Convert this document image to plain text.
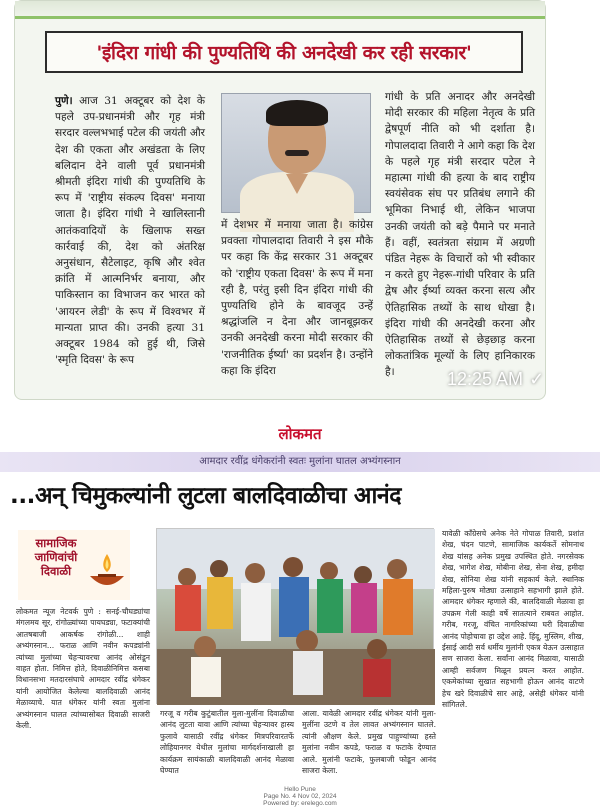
'इंदिरा गांधी की पुण्यतिथि की अनदेखी कर रही सरकार'
पुणे। आज 31 अक्टूबर को देश के पहले उप-प्रधानमंत्री और गृह मंत्री सरदार वल्लभभाई पटेल की जयंती और देश की एकता और अखंडता के लिए बलिदान देने वाली पूर्व प्रधानमंत्री श्रीमती इंदिरा गांधी की पुण्यतिथि के रूप में 'राष्ट्रीय संकल्प दिवस' मनाया जाता है। इंदिरा गांधी ने खालिस्तानी आतंकवादियों के खिलाफ सख्त कार्रवाई की, देश को अंतरिक्ष अनुसंधान, सैटेलाइट, कृषि और श्वेत क्रांति में आत्मनिर्भर बनाया, और पाकिस्तान का विभाजन कर भारत को 'आयरन लेडी' के रूप में विश्वभर में मान्यता प्राप्त की। उनकी हत्या 31 अक्टूबर 1984 को हुई थी, जिसे 'स्मृति दिवस' के रूप
में देशभर में मनाया जाता है। कांग्रेस प्रवक्ता गोपालदादा तिवारी ने इस मौके पर कहा कि केंद्र सरकार 31 अक्टूबर को 'राष्ट्रीय एकता दिवस' के रूप में मना रही है, परंतु इसी दिन इंदिरा गांधी की पुण्यतिथि होने के बावजूद उन्हें श्रद्धांजलि न देना और जानबूझकर उनकी अनदेखी करना मोदी सरकार की 'राजनीतिक ईर्ष्या' का प्रदर्शन है। उन्होंने कहा कि इंदिरा
गांधी के प्रति अनादर और अनदेखी मोदी सरकार की महिला नेतृत्व के प्रति द्वेषपूर्ण नीति को भी दर्शाता है। गोपालदादा तिवारी ने आगे कहा कि देश के पहले गृह मंत्री सरदार पटेल ने महात्मा गांधी की हत्या के बाद राष्ट्रीय स्वयंसेवक संघ पर प्रतिबंध लगाने की भूमिका निभाई थी, लेकिन भाजपा उनकी जयंती को बड़े पैमाने पर मनाते हैं। वहीं, स्वतंत्रता संग्राम में अग्रणी पंडित नेहरू के विचारों को भी स्वीकार न करते हुए नेहरू-गांधी परिवार के प्रति द्वेष और ईर्ष्या व्यक्त करना सत्य और ऐतिहासिक तथ्यों के साथ धोखा है। इंदिरा गांधी की अनदेखी करना और ऐतिहासिक तथ्यों से छेड़छाड़ करना लोकतांत्रिक मूल्यों के लिए हानिकारक है।	12:25 AM ✓
लोकमत
आमदार रवींद्र धंगेकरांनी स्वतः मुलांना घातल अभ्यंगस्नान
...अन् चिमुकल्यांनी लुटला बालदिवाळीचा आनंद
सामाजिक
जाणिवांची
दिवाळी
लोकमत न्यूज नेटवर्क पुणे : सनई-चौघड्यांचा मंगलमय सूर, रांगोळ्यांच्या पायघड्या, फटाक्यांची आतषबाजी आकर्षक रांगोळी... शाही अभ्यंगस्नान... फराळ आणि नवीन कपड्यांनी त्यांच्या मुलांच्या चेहऱ्यावरचा आनंद ओसंडून वाहत होता. निमित्त होते, दिवाळीनिमित्त कसबा विधानसभा मतदारसंघाचे आमदार रवींद्र धंगेकर यांनी आयोजित केलेल्या बालदिवाळी आनंद मेळाव्याचे. यात धंगेकर यांनी स्वतः मुलांना अभ्यंगस्नान घालत त्यांच्यासोबत दिवाळी साजरी केली.
गरजू व गरीब कुटुंबातील मुला-मुलींना दिवाळीचा आनंद लुटता यावा आणि त्यांच्या चेहऱ्यावर हास्य फुलावे यासाठी रवींद्र धंगेकर मित्रपरिवारतर्फे लोहियानगर येथील मुलांचा मार्गदर्शनाखाली हा कार्यक्रम सायंकाळी बालदिवाळी आनंद मेळावा घेण्यात
आला. यावेळी आमदार रवींद्र धंगेकर यांनी मुला-मुलींना उटणे व तेल लावत अभ्यंगस्नान घातले. त्यांनी औक्षण केले. प्रमुख पाहुण्यांच्या हस्ते मुलांना नवीन कपडे, फराळ व फटाके देण्यात आले. मुलांनी फटाके, फुलबाजी फोडून आनंद साजरा केला.
यावेळी काँग्रेसचे अनेक नेते गोपाळ तिवारी, प्रशांत शेख, चंदन पाटणे, सामाजिक कार्यकर्ते सोमनाथ शेख यांसह अनेक प्रमुख उपस्थित होते. नगरसेवक शेख, भागेश शेख, मोबीना शेख, सेना शेख, हमीदा शेख, सोनिया शेख यांनी सहकार्य केले. स्थानिक महिला-पुरुष मोठ्या उत्साहाने सहभागी झाले होते. आमदार धंगेकर म्हणाले की, बालदिवाळी मेळावा हा उपक्रम गेली काही वर्षे सातत्याने राबवत आहोत. गरीब, गरजू, वंचित नागरिकांच्या घरी दिवाळीचा आनंद पोहोचावा हा उद्देश आहे. हिंदू, मुस्लिम, शीख, ईसाई आदी सर्व धर्मीय मुलांनी एकत्र येऊन उत्साहात सण साजरा केला. सर्वांना आनंद मिळावा, यासाठी आम्ही सर्वजण मिळून प्रयत्न करत आहोत. एकमेकांच्या सुखात सहभागी होऊन आनंद वाटणे हेच खरे दिवाळीचे सार आहे, असेही धंगेकर यांनी सांगितले.
Hello Pune
Page No. 4 Nov 02, 2024
Powered by: erelego.com
